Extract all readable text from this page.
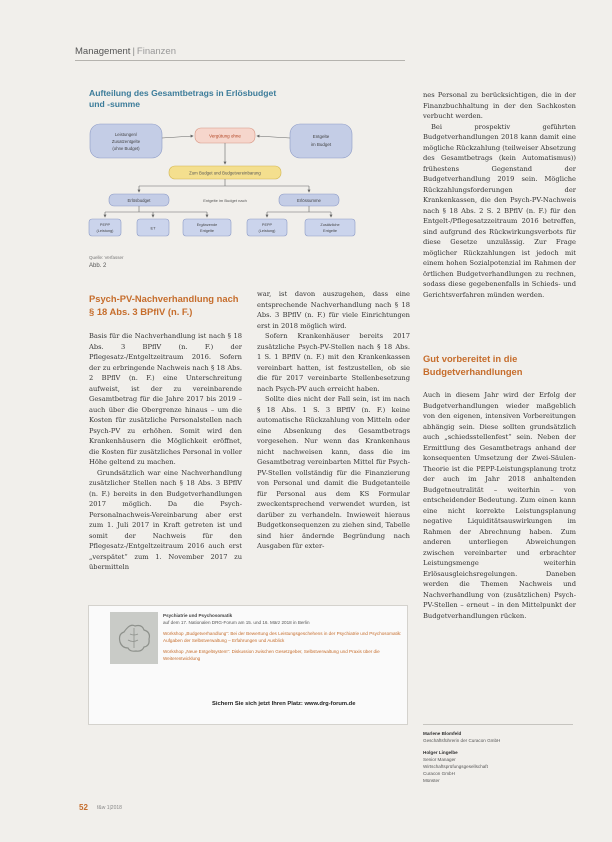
Management | Finanzen
Aufteilung des Gesamtbetrags in Erlösbudget und -summe
Leistungen/
Zusatzentgelte
(ohne Budget)
Vergütung ohne	Entgelte
im Budget
Zum Budget und Budgetvereinbarung
Erlösbudget	Entgelte im Budget nach	Erlössumme
PEPP
(Leistung)
ET
Ergänzende
Entgelte
PEPP
(Leistung)
Zusätzliche
Entgelte
Quelle: Verfasser
Abb. 2
Psych-PV-Nachverhandlung nach § 18 Abs. 3 BPflV (n. F.)

Basis für die Nachverhandlung ist nach § 18 Abs. 3 BPflV (n. F.) der Pflegesatz-/Entgeltzeitraum 2016. Sofern der zu erbringende Nachweis nach § 18 Abs. 2 BPflV (n. F.) eine Unterschreitung aufweist, ist der zu vereinbarende Gesamtbetrag für die Jahre 2017 bis 2019 – auch über die Obergrenze hinaus – um die Kosten für zusätzliche Personalstellen nach Psych-PV zu erhöhen. Somit wird den Krankenhäusern die Möglichkeit eröffnet, die Kosten für zusätzliches Personal in voller Höhe geltend zu machen.

Grundsätzlich war eine Nachverhandlung zusätzlicher Stellen nach § 18 Abs. 3 BPflV (n. F.) bereits in den Budgetverhandlungen 2017 möglich. Da die Psych-Personalnachweis-Vereinbarung aber erst zum 1. Juli 2017 in Kraft getreten ist und somit der Nachweis für den Pflegesatz-/Entgeltzeitraum 2016 auch erst „verspätet“ zum 1. November 2017 zu übermitteln

war, ist davon auszugehen, dass eine entsprechende Nachverhandlung nach § 18 Abs. 3 BPflV (n. F.) für viele Einrichtungen erst in 2018 möglich wird.

Sofern Krankenhäuser bereits 2017 zusätzliche Psych-PV-Stellen nach § 18 Abs. 1 S. 1 BPflV (n. F.) mit den Krankenkassen vereinbart hatten, ist festzustellen, ob sie die für 2017 vereinbarte Stellenbesetzung nach Psych-PV auch erreicht haben.

Sollte dies nicht der Fall sein, ist im nach § 18 Abs. 1 S. 3 BPflV (n. F.) keine automatische Rückzahlung von Mitteln oder eine Absenkung des Gesamtbetrags vorgesehen. Nur wenn das Krankenhaus nicht nachweisen kann, dass die im Gesamtbetrag vereinbarten Mittel für Psych-PV-Stellen vollständig für die Finanzierung von Personal und damit die Budgetanteile für Personal aus dem KS Formular zweckentsprechend verwendet wurden, ist darüber zu verhandeln. Inwieweit hieraus Budgetkonsequenzen zu ziehen sind, Tabelle sind hier ändernde Begründung nach Ausgaben für exter-

nes Personal zu berücksichtigen, die in der Finanzbuchhaltung in der den Sachkosten verbucht werden.

Bei prospektiv geführten Budgetverhandlungen 2018 kann damit eine mögliche Rückzahlung (teilweiser Absetzung des Gesamtbetrags (kein Automatismus)) frühestens Gegenstand der Budgetverhandlung 2019 sein. Mögliche Rückzahlungsforderungen der Krankenkassen, die den Psych-PV-Nachweis nach § 18 Abs. 2 S. 2 BPflV (n. F.) für den Entgelt-/Pflegesatzzeitraum 2016 betreffen, sind aufgrund des Rückwirkungsverbots für diese Gesetze unzulässig. Zur Frage möglicher Rückzahlungen ist jedoch mit einem hohen Sozialpotenzial im Rahmen der örtlichen Budgetverhandlungen zu rechnen, sodass diese gegebenenfalls in Schieds- und Gerichtsverfahren münden werden.

Gut vorbereitet in die Budgetverhandlungen

Auch in diesem Jahr wird der Erfolg der Budgetverhandlungen wieder maßgeblich von den eigenen, intensiven Vorbereitungen abhängig sein. Diese sollten grundsätzlich auch „schiedsstellenfest“ sein. Neben der Ermittlung des Gesamtbetrags anhand der konsequenten Umsetzung der Zwei-Säulen-Theorie ist die PEPP-Leistungsplanung trotz der auch im Jahr 2018 anhaltenden Budgetneutralität – weiterhin – von entscheidender Bedeutung. Zum einen kann eine nicht korrekte Leistungsplanung negative Liquiditätsauswirkungen im Rahmen der Abrechnung haben. Zum anderen unterliegen Abweichungen zwischen vereinbarter und erbrachter Leistungsmenge weiterhin Erlösausgleichsregelungen. Daneben werden die Themen Nachweis und Nachverhandlung von (zusätzlichen) Psych-PV-Stellen – erneut – in den Mittelpunkt der Budgetverhandlungen rücken.

Psychiatrie und Psychosomatik
auf dem 17. Nationalen DRG-Forum am 15. und 16. März 2018 in Berlin
Workshop „Budgetverhandlung“: Bei der Bewertung des Leistungsgeschehens in der Psychiatrie und Psychosomatik: Aufgaben der Selbstverwaltung – Erfahrungen und Ausblick
Workshop „Neue Entgeltsystem“: Diskussion zwischen Gesetzgeber, Selbstverwaltung und Praxis über die Weiterentwicklung
Sichern Sie sich jetzt Ihren Platz: www.drg-forum.de
Marlene Blomfeld
Geschäftsführerin der Curacon GmbH
Holger Lingelbe
Senior Manager
Wirtschaftsprüfungsgesellschaft
Curacon GmbH
Münster
52 f&w 1|2018
